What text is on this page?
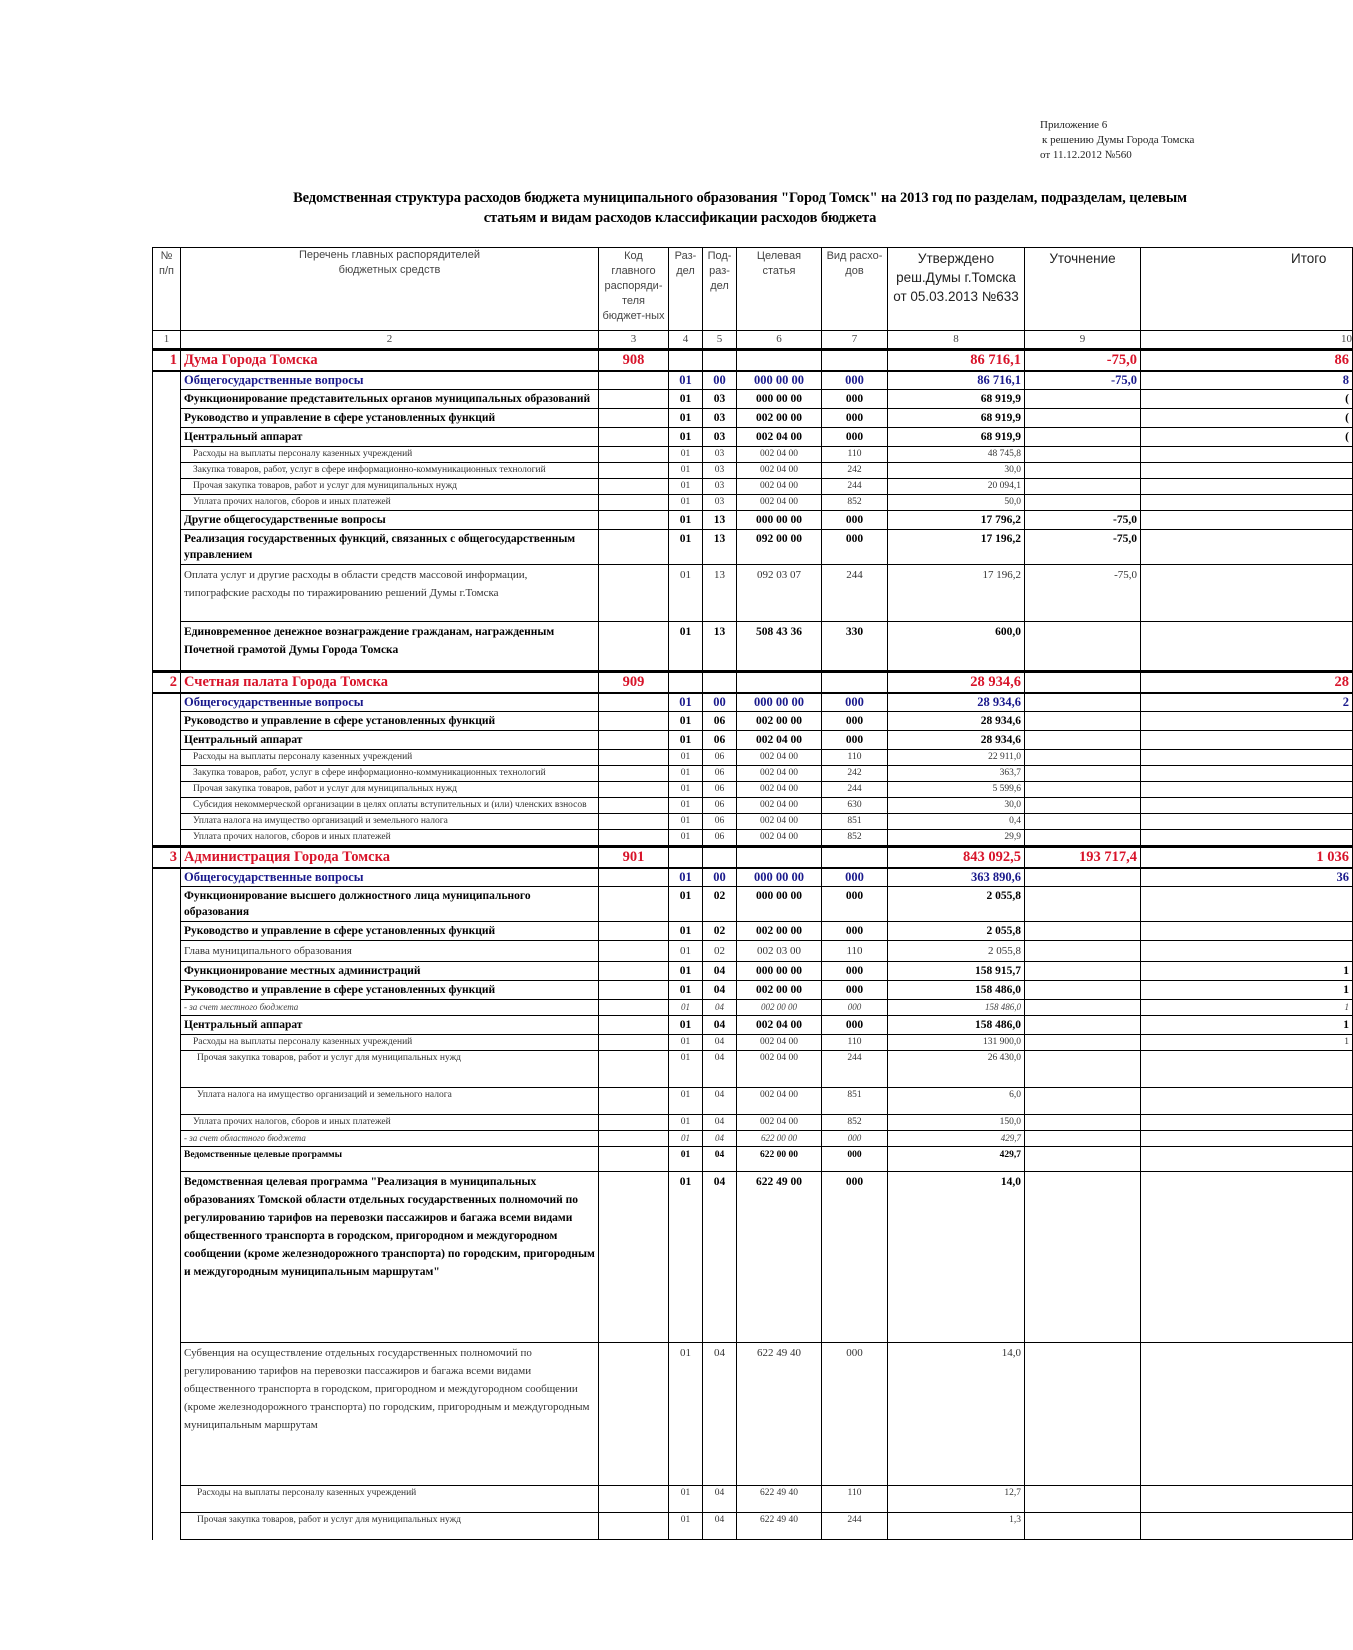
Приложение 6
к решению Думы Города Томска
от 11.12.2012 №560
Ведомственная структура расходов бюджета муниципального образования "Город Томск" на 2013 год по разделам, подразделам, целевым
статьям и видам расходов классификации расходов бюджета
№ п/п	Перечень главных распорядителей бюджетных средств	Код главного распоряди-теля бюджет-ных	Раз-дел	Под-раз-дел	Целевая статья	Вид расхо-дов	Утверждено реш.Думы г.Томска от 05.03.2013 №633	Уточнение	Итого
1	2	3	4	5	6	7	8	9	10
1	Дума Города Томска	908					86 716,1	-75,0	86
	Общегосударственные вопросы		01	00	000 00 00	000	86 716,1	-75,0	8
	Функционирование представительных органов муниципальных образований		01	03	000 00 00	000	68 919,9		(
	Руководство и управление в сфере установленных функций		01	03	002 00 00	000	68 919,9		(
	Центральный аппарат		01	03	002 04 00	000	68 919,9		(
	Расходы на выплаты персоналу казенных учреждений		01	03	002 04 00	110	48 745,8		
	Закупка товаров, работ, услуг в сфере информационно-коммуникационных технологий		01	03	002 04 00	242	30,0		
	Прочая закупка товаров, работ и услуг для муниципальных нужд		01	03	002 04 00	244	20 094,1		
	Уплата прочих налогов, сборов и иных платежей		01	03	002 04 00	852	50,0		
	Другие общегосударственные вопросы		01	13	000 00 00	000	17 796,2	-75,0	
	Реализация государственных функций, связанных с общегосударственным управлением		01	13	092 00 00	000	17 196,2	-75,0	
	Оплата услуг и другие расходы в области средств массовой информации, типографские расходы по тиражированию решений Думы г.Томска		01	13	092 03 07	244	17 196,2	-75,0	
	Единовременное денежное вознаграждение гражданам, награжденным Почетной грамотой Думы Города Томска		01	13	508 43 36	330	600,0		
2	Счетная палата Города Томска	909					28 934,6		28
	Общегосударственные вопросы		01	00	000 00 00	000	28 934,6		2
	Руководство и управление в сфере установленных функций		01	06	002 00 00	000	28 934,6		
	Центральный аппарат		01	06	002 04 00	000	28 934,6		
	Расходы на выплаты персоналу казенных учреждений		01	06	002 04 00	110	22 911,0		
	Закупка товаров, работ, услуг в сфере информационно-коммуникационных технологий		01	06	002 04 00	242	363,7		
	Прочая закупка товаров, работ и услуг для муниципальных нужд		01	06	002 04 00	244	5 599,6		
	Субсидия некоммерческой организации в целях оплаты вступительных и (или) членских взносов		01	06	002 04 00	630	30,0		
	Уплата налога на имущество организаций и земельного налога		01	06	002 04 00	851	0,4		
	Уплата прочих налогов, сборов и иных платежей		01	06	002 04 00	852	29,9		
3	Администрация Города Томска	901					843 092,5	193 717,4	1 036
	Общегосударственные вопросы		01	00	000 00 00	000	363 890,6		36
	Функционирование высшего должностного лица муниципального образования		01	02	000 00 00	000	2 055,8		
	Руководство и управление в сфере установленных функций		01	02	002 00 00	000	2 055,8		
	Глава муниципального образования		01	02	002 03 00	110	2 055,8		
	Функционирование местных администраций		01	04	000 00 00	000	158 915,7		1
	Руководство и управление в сфере установленных функций		01	04	002 00 00	000	158 486,0		1
	- за счет местного бюджета		01	04	002 00 00	000	158 486,0		1
	Центральный аппарат		01	04	002 04 00	000	158 486,0		1
	Расходы на выплаты персоналу казенных учреждений		01	04	002 04 00	110	131 900,0		1
	Прочая закупка товаров, работ и услуг для муниципальных нужд		01	04	002 04 00	244	26 430,0		
	Уплата налога на имущество организаций и земельного налога		01	04	002 04 00	851	6,0		
	Уплата прочих налогов, сборов и иных платежей		01	04	002 04 00	852	150,0		
	- за счет областного бюджета		01	04	622 00 00	000	429,7		
	Ведомственные целевые программы		01	04	622 00 00	000	429,7		
	Ведомственная целевая программа "Реализация в муниципальных образованиях Томской области отдельных государственных полномочий по регулированию тарифов на перевозки пассажиров и багажа всеми видами общественного транспорта в городском, пригородном и междугородном сообщении (кроме железнодорожного транспорта) по городским, пригородным и междугородным муниципальным маршрутам"		01	04	622 49 00	000	14,0		
	Субвенция на осуществление отдельных государственных полномочий по регулированию тарифов на перевозки пассажиров и багажа всеми видами общественного транспорта в городском, пригородном и междугородном сообщении (кроме железнодорожного транспорта) по городским, пригородным и междугородным муниципальным маршрутам		01	04	622 49 40	000	14,0		
	Расходы на выплаты персоналу казенных учреждений		01	04	622 49 40	110	12,7		
	Прочая закупка товаров, работ и услуг для муниципальных нужд		01	04	622 49 40	244	1,3		
